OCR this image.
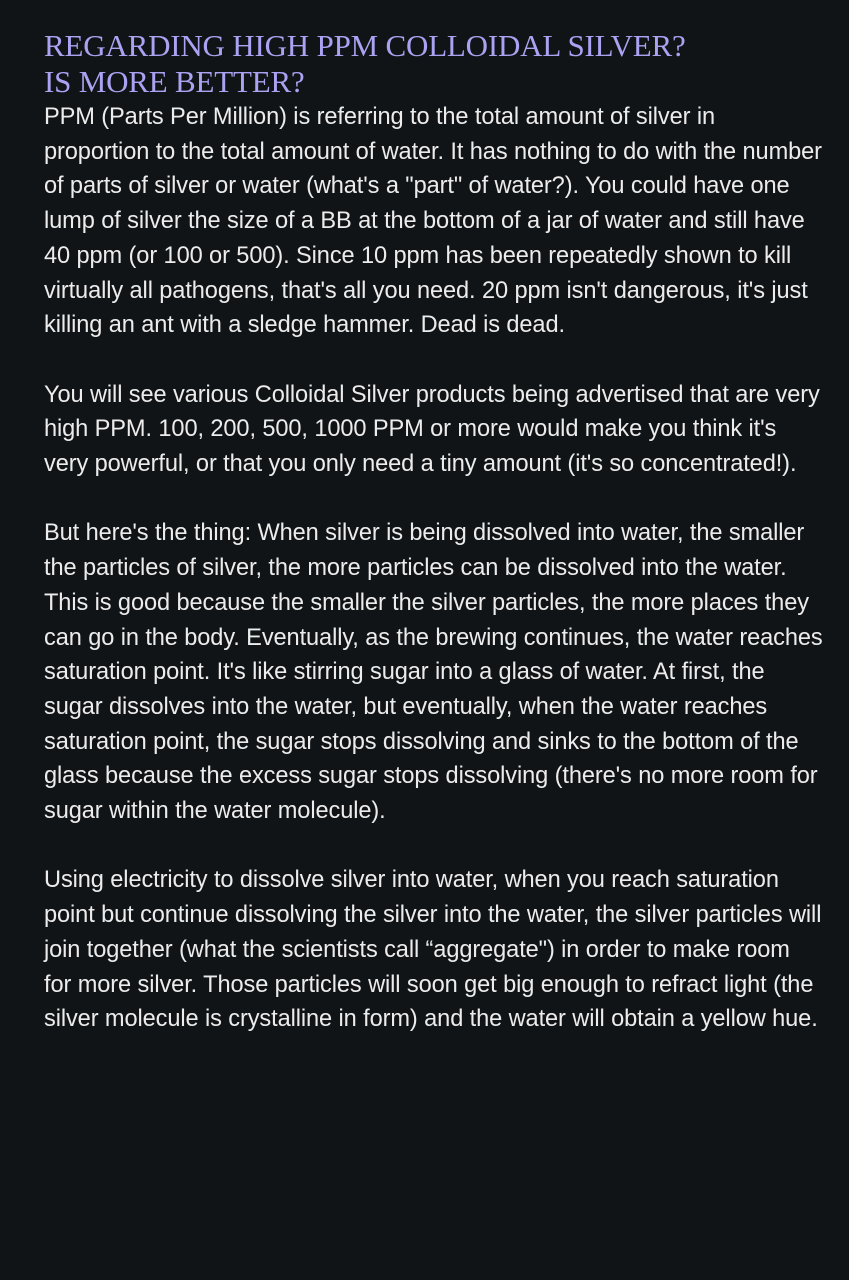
REGARDING HIGH PPM COLLOIDAL SILVER?
IS MORE BETTER?

PPM (Parts Per Million) is referring to the total amount of silver in proportion to the total amount of water. It has nothing to do with the number of parts of silver or water (what's a "part" of water?). You could have one lump of silver the size of a BB at the bottom of a jar of water and still have 40 ppm (or 100 or 500). Since 10 ppm has been repeatedly shown to kill virtually all pathogens, that's all you need. 20 ppm isn't dangerous, it's just killing an ant with a sledge hammer. Dead is dead.

You will see various Colloidal Silver products being advertised that are very high PPM. 100, 200, 500, 1000 PPM or more would make you think it's very powerful, or that you only need a tiny amount (it's so concentrated!).

But here's the thing: When silver is being dissolved into water, the smaller the particles of silver, the more particles can be dissolved into the water. This is good because the smaller the silver particles, the more places they can go in the body. Eventually, as the brewing continues, the water reaches saturation point. It's like stirring sugar into a glass of water. At first, the sugar dissolves into the water, but eventually, when the water reaches saturation point, the sugar stops dissolving and sinks to the bottom of the glass because the excess sugar stops dissolving (there's no more room for sugar within the water molecule).

Using electricity to dissolve silver into water, when you reach saturation point but continue dissolving the silver into the water, the silver particles will join together (what the scientists call “aggregate") in order to make room for more silver. Those particles will soon get big enough to refract light (the silver molecule is crystalline in form) and the water will obtain a yellow hue.
